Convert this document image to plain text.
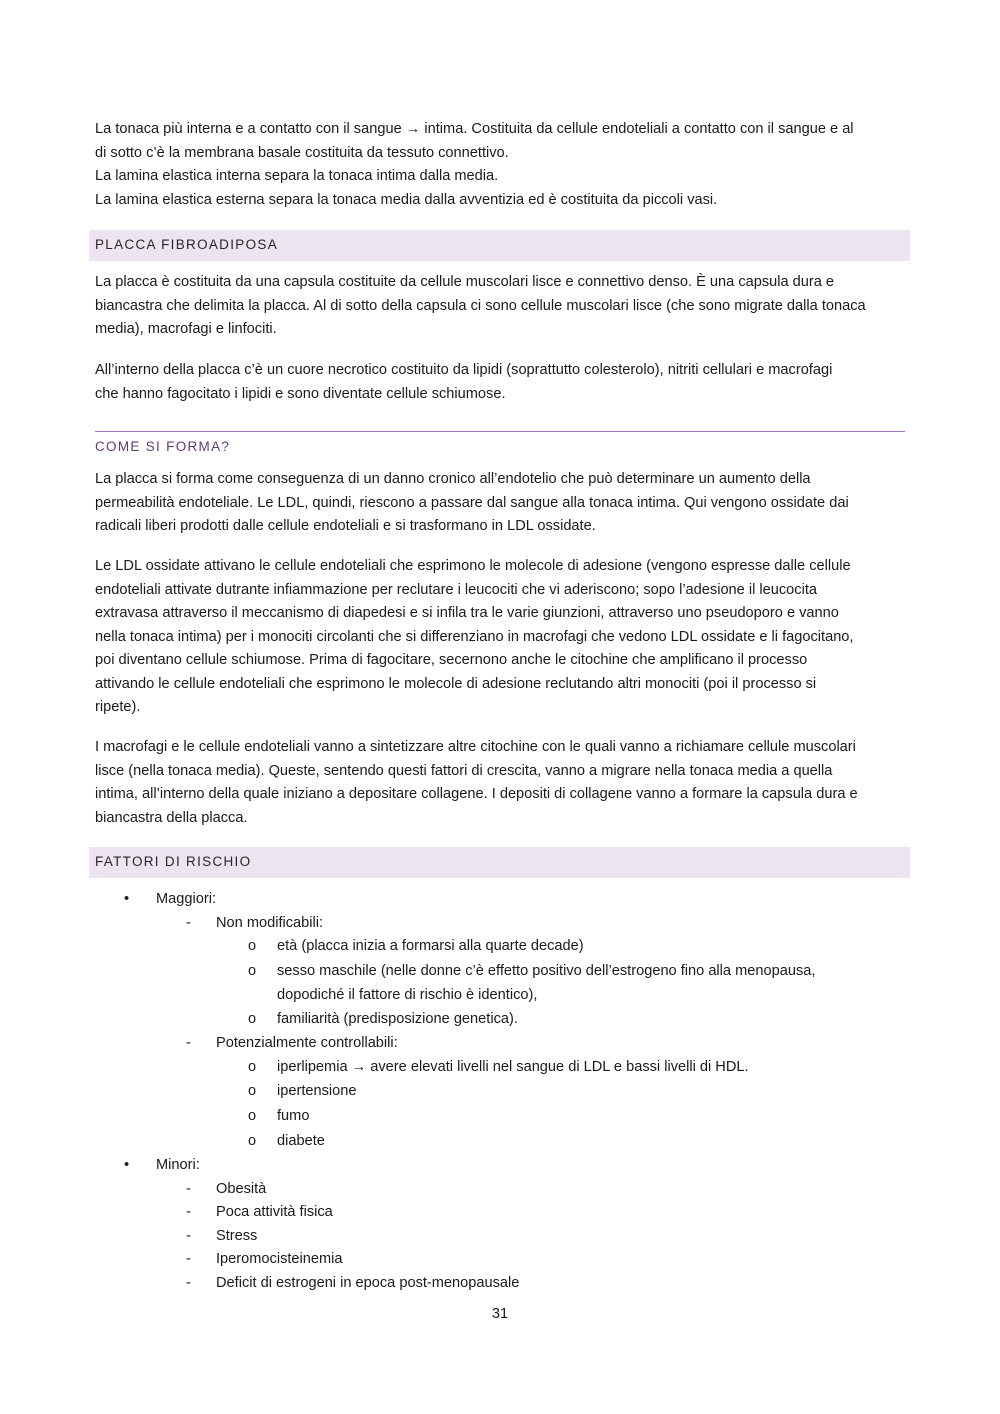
La tonaca più interna e a contatto con il sangue → intima. Costituita da cellule endoteliali a contatto con il sangue e al
di sotto c’è la membrana basale costituita da tessuto connettivo.
La lamina elastica interna separa la tonaca intima dalla media.
La lamina elastica esterna separa la tonaca media dalla avventizia ed è costituita da piccoli vasi.
PLACCA FIBROADIPOSA
La placca è costituita da una capsula costituite da cellule muscolari lisce e connettivo denso. È una capsula dura e
biancastra che delimita la placca. Al di sotto della capsula ci sono cellule muscolari lisce (che sono migrate dalla tonaca
media), macrofagi e linfociti.
All’interno della placca c’è un cuore necrotico costituito da lipidi (soprattutto colesterolo), nitriti cellulari e macrofagi
che hanno fagocitato i lipidi e sono diventate cellule schiumose.
COME SI FORMA?
La placca si forma come conseguenza di un danno cronico all’endotelio che può determinare un aumento della
permeabilità endoteliale. Le LDL, quindi, riescono a passare dal sangue alla tonaca intima. Qui vengono ossidate dai
radicali liberi prodotti dalle cellule endoteliali e si trasformano in LDL ossidate.
Le LDL ossidate attivano le cellule endoteliali che esprimono le molecole di adesione (vengono espresse dalle cellule
endoteliali attivate dutrante infiammazione per reclutare i leucociti che vi aderiscono; sopo l’adesione il leucocita
extravasa attraverso il meccanismo di diapedesi e si infila tra le varie giunzioni, attraverso uno pseudoporo e vanno
nella tonaca intima) per i monociti circolanti che si differenziano in macrofagi che vedono LDL ossidate e li fagocitano,
poi diventano cellule schiumose. Prima di fagocitare, secernono anche le citochine che amplificano il processo
attivando le cellule endoteliali che esprimono le molecole di adesione reclutando altri monociti (poi il processo si
ripete).
I macrofagi e le cellule endoteliali vanno a sintetizzare altre citochine con le quali vanno a richiamare cellule muscolari
lisce (nella tonaca media). Queste, sentendo questi fattori di crescita, vanno a migrare nella tonaca media a quella
intima, all’interno della quale iniziano a depositare collagene. I depositi di collagene vanno a formare la capsula dura e
biancastra della placca.
FATTORI DI RISCHIO
• Maggiori:
- Non modificabili:
o età (placca inizia a formarsi alla quarte decade)
o sesso maschile (nelle donne c’è effetto positivo dell’estrogeno fino alla menopausa,
dopodiché il fattore di rischio è identico),
o familiarità (predisposizione genetica).
- Potenzialmente controllabili:
o iperlipemia → avere elevati livelli nel sangue di LDL e bassi livelli di HDL.
o ipertensione
o fumo
o diabete
• Minori:
- Obesità
- Poca attività fisica
- Stress
- Iperomocisteinemia
- Deficit di estrogeni in epoca post-menopausale
31
